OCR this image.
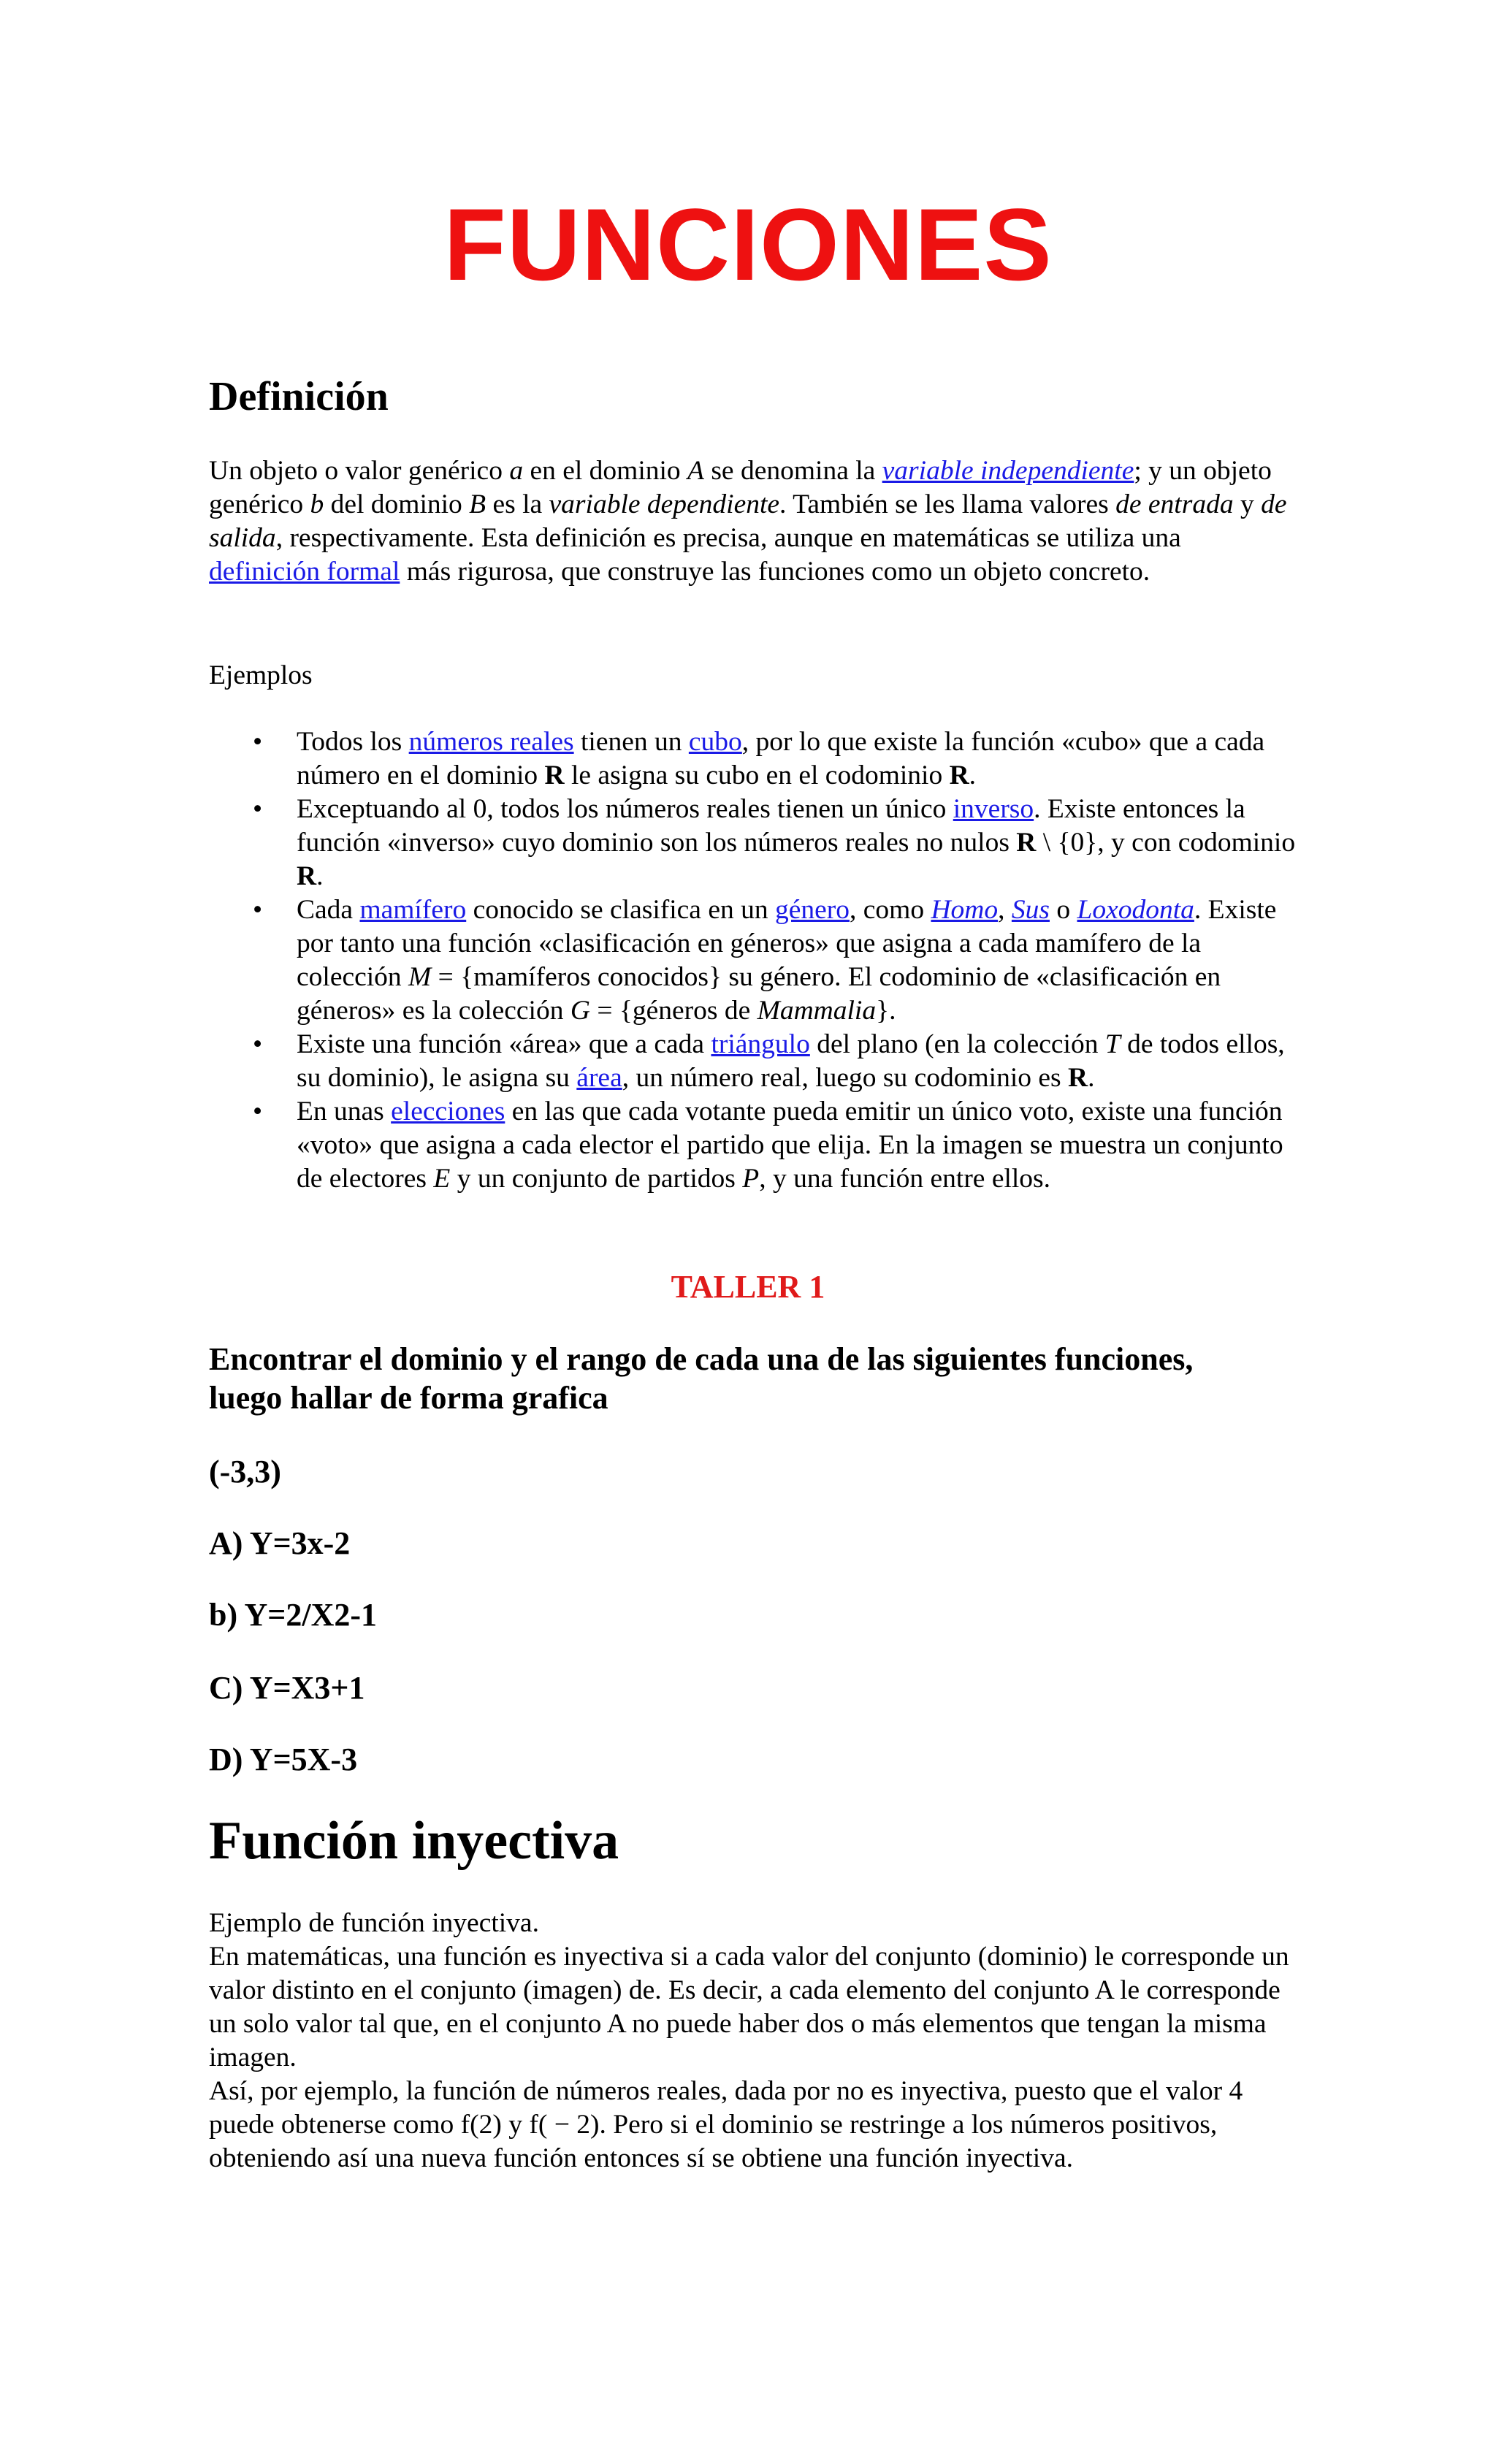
FUNCIONES
Definición

Un objeto o valor genérico a en el dominio A se denomina la variable independiente; y un objeto genérico b del dominio B es la variable dependiente. También se les llama valores de entrada y de salida, respectivamente. Esta definición es precisa, aunque en matemáticas se utiliza una definición formal más rigurosa, que construye las funciones como un objeto concreto.

Ejemplos

• Todos los números reales tienen un cubo, por lo que existe la función «cubo» que a cada número en el dominio R le asigna su cubo en el codominio R.
• Exceptuando al 0, todos los números reales tienen un único inverso. Existe entonces la función «inverso» cuyo dominio son los números reales no nulos R \ {0}, y con codominio R.
• Cada mamífero conocido se clasifica en un género, como Homo, Sus o Loxodonta. Existe por tanto una función «clasificación en géneros» que asigna a cada mamífero de la colección M = {mamíferos conocidos} su género. El codominio de «clasificación en géneros» es la colección G = {géneros de Mammalia}.
• Existe una función «área» que a cada triángulo del plano (en la colección T de todos ellos, su dominio), le asigna su área, un número real, luego su codominio es R.
• En unas elecciones en las que cada votante pueda emitir un único voto, existe una función «voto» que asigna a cada elector el partido que elija. En la imagen se muestra un conjunto de electores E y un conjunto de partidos P, y una función entre ellos.
TALLER 1
Encontrar el dominio y el rango de cada una de las siguientes funciones, luego hallar de forma grafica
(-3,3)
A) Y=3x-2
b) Y=2/X2-1
C) Y=X3+1
D) Y=5X-3
Función inyectiva

Ejemplo de función inyectiva.

En matemáticas, una función es inyectiva si a cada valor del conjunto (dominio) le corresponde un valor distinto en el conjunto (imagen) de. Es decir, a cada elemento del conjunto A le corresponde un solo valor tal que, en el conjunto A no puede haber dos o más elementos que tengan la misma imagen.

Así, por ejemplo, la función de números reales, dada por no es inyectiva, puesto que el valor 4 puede obtenerse como f(2) y f( − 2). Pero si el dominio se restringe a los números positivos, obteniendo así una nueva función entonces sí se obtiene una función inyectiva.
